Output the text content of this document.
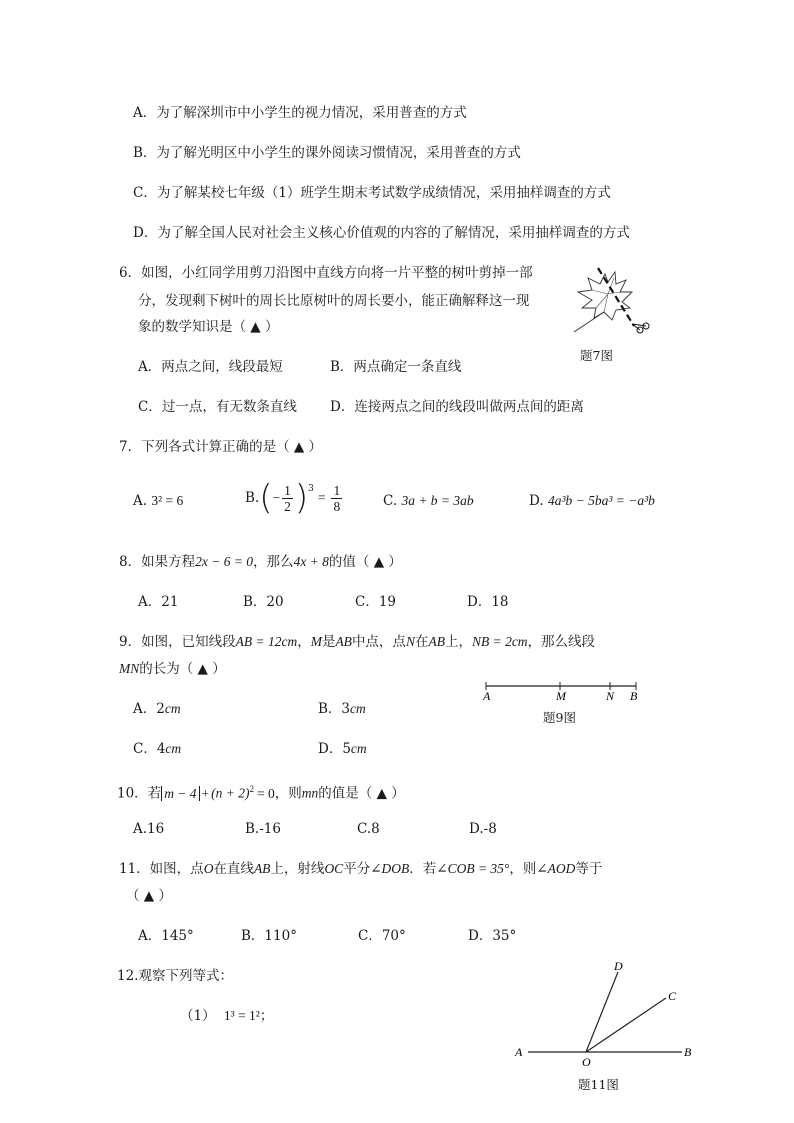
A．为了解深圳市中小学生的视力情况，采用普查的方式
B．为了解光明区中小学生的课外阅读习惯情况，采用普查的方式
C．为了解某校七年级（1）班学生期末考试数学成绩情况，采用抽样调查的方式
D．为了解全国人民对社会主义核心价值观的内容的了解情况，采用抽样调查的方式
6．如图，小红同学用剪刀沿图中直线方向将一片平整的树叶剪掉一部
分，发现剩下树叶的周长比原树叶的周长要小，能正确解释这一现
象的数学知识是（ ▲ ）
A．两点之间，线段最短	B．两点确定一条直线
C．过一点，有无数条直线 D．连接两点之间的线段叫做两点间的距离
题7图
7．下列各式计算正确的是（ ▲ ）
A. 3² = 6	$B.(- \frac{1}{2} )^3= \frac{1}{8}$	C. 3a + b = 3ab	D. 4a³b − 5ba³ = −a³b
8．如果方程2x − 6 = 0，那么4x + 8的值（ ▲ ）
A．21	B．20	C．19	D．18
9．如图，已知线段AB = 12cm，M是AB中点，点N在AB上，NB = 2cm，那么线段
MN的长为（ ▲ ）
A．2cm	B．3cm
C．4cm	D．5cm
A	M	N B
题9图
10．若 $m - 4 + (n + 2)^2 = 0$，则mn的值是（ ▲ ）
A.16	B.-16	C.8	D.-8
11．如图，点O在直线AB上，射线OC平分∠DOB．若∠COB = 35°，则∠AOD等于
（ ▲ ）
A．145°	B．110°	C．70°	D．35°
A
O
B
C
D
题11图
12.观察下列等式：
（1） 1³ = 1²；
